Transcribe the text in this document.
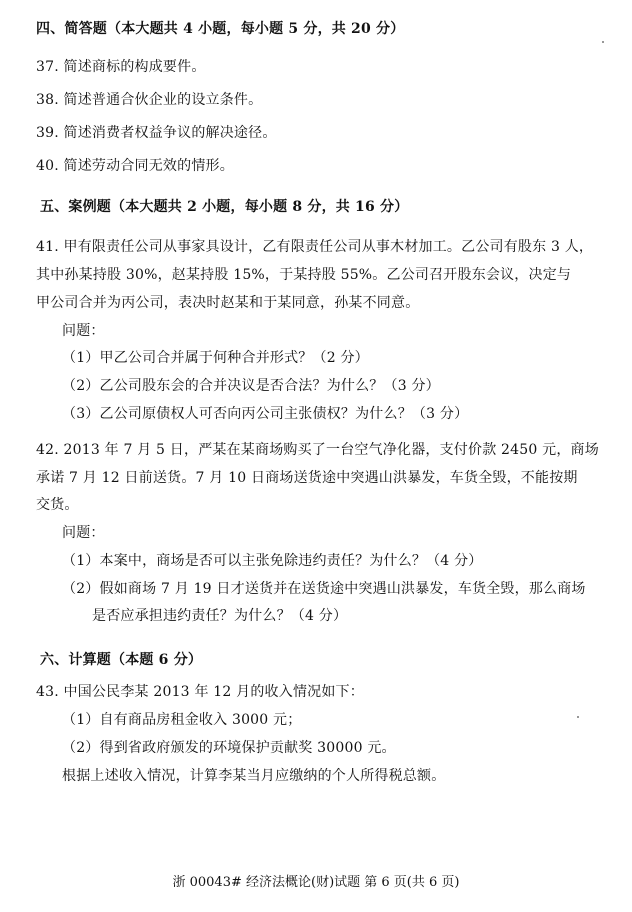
四、简答题（本大题共 4 小题，每小题 5 分，共 20 分）
37. 简述商标的构成要件。
38. 简述普通合伙企业的设立条件。
39. 简述消费者权益争议的解决途径。
40. 简述劳动合同无效的情形。
五、案例题（本大题共 2 小题，每小题 8 分，共 16 分）
41. 甲有限责任公司从事家具设计，乙有限责任公司从事木材加工。乙公司有股东 3 人，
其中孙某持股 30%，赵某持股 15%，于某持股 55%。乙公司召开股东会议，决定与
甲公司合并为丙公司，表决时赵某和于某同意，孙某不同意。
问题：
（1）甲乙公司合并属于何种合并形式？（2 分）
（2）乙公司股东会的合并决议是否合法？为什么？（3 分）
（3）乙公司原债权人可否向丙公司主张债权？为什么？（3 分）
42. 2013 年 7 月 5 日，严某在某商场购买了一台空气净化器，支付价款 2450 元，商场
承诺 7 月 12 日前送货。7 月 10 日商场送货途中突遇山洪暴发，车货全毁，不能按期
交货。
问题：
（1）本案中，商场是否可以主张免除违约责任？为什么？（4 分）
（2）假如商场 7 月 19 日才送货并在送货途中突遇山洪暴发，车货全毁，那么商场
是否应承担违约责任？为什么？（4 分）
六、计算题（本题 6 分）
43. 中国公民李某 2013 年 12 月的收入情况如下：
（1）自有商品房租金收入 3000 元；
（2）得到省政府颁发的环境保护贡献奖 30000 元。
根据上述收入情况，计算李某当月应缴纳的个人所得税总额。
浙 00043# 经济法概论(财)试题 第 6 页(共 6 页)
